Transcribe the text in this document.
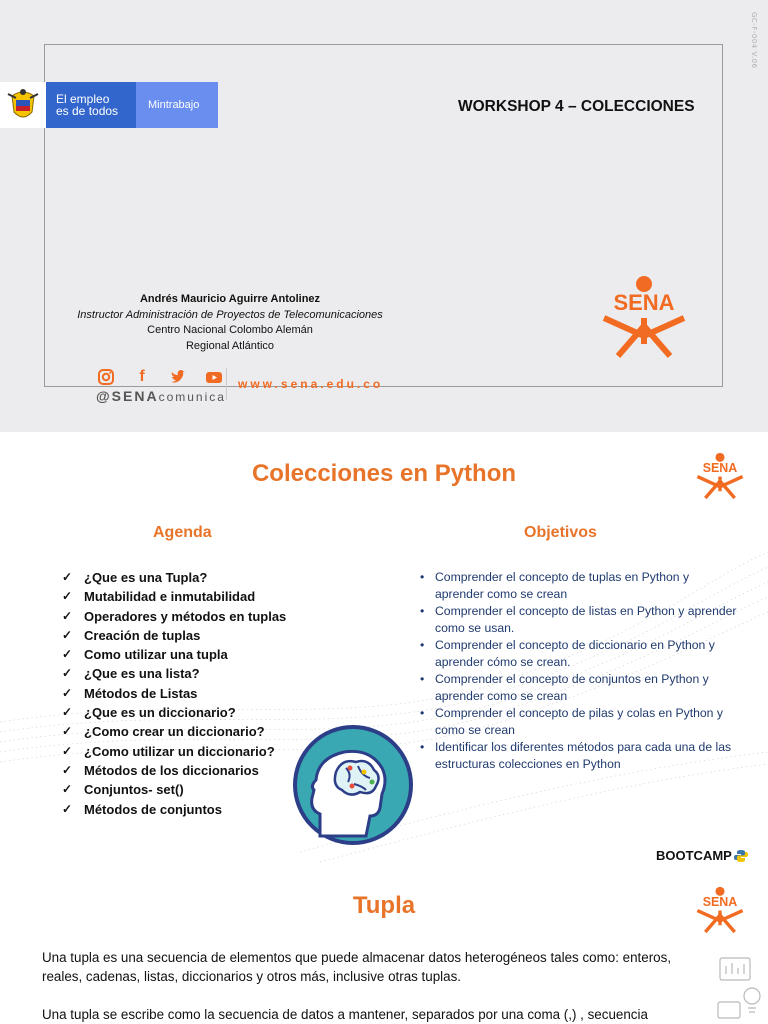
GC-F-004 V.06
El empleo
es de todos	Mintrabajo	WORKSHOP 4 – COLECCIONES
Andrés Mauricio Aguirre Antolinez
Instructor Administración de Proyectos de Telecomunicaciones
Centro Nacional Colombo Alemán
Regional Atlántico
SENA
f
@SENAcomunica
www.sena.edu.co
Colecciones en Python	SENA
Agenda	Objetivos
✓ ¿Que es una Tupla?
✓ Mutabilidad e inmutabilidad
✓ Operadores y métodos en tuplas
✓ Creación de tuplas
✓ Como utilizar una tupla
✓ ¿Que es una lista?
✓ Métodos de Listas
✓ ¿Que es un diccionario?
✓ ¿Como crear un diccionario?
✓ ¿Como utilizar un diccionario?
✓ Métodos de los diccionarios
✓ Conjuntos- set()
✓ Métodos de conjuntos
• Comprender el concepto de tuplas en Python y aprender como se crean
• Comprender el concepto de listas en Python y aprender como se usan.
• Comprender el concepto de diccionario en Python y aprender cómo se crean.
• Comprender el concepto de conjuntos en Python y aprender como se crean
• Comprender el concepto de pilas y colas en Python y como se crean
• Identificar los diferentes métodos para cada una de las estructuras colecciones en Python
BOOTCAMP
Tupla	SENA

Una tupla es una secuencia de elementos que puede almacenar datos heterogéneos tales como: enteros, reales, cadenas, listas, diccionarios y otros más, inclusive otras tuplas.

Una tupla se escribe como la secuencia de datos a mantener, separados por una coma (,) , secuencia
